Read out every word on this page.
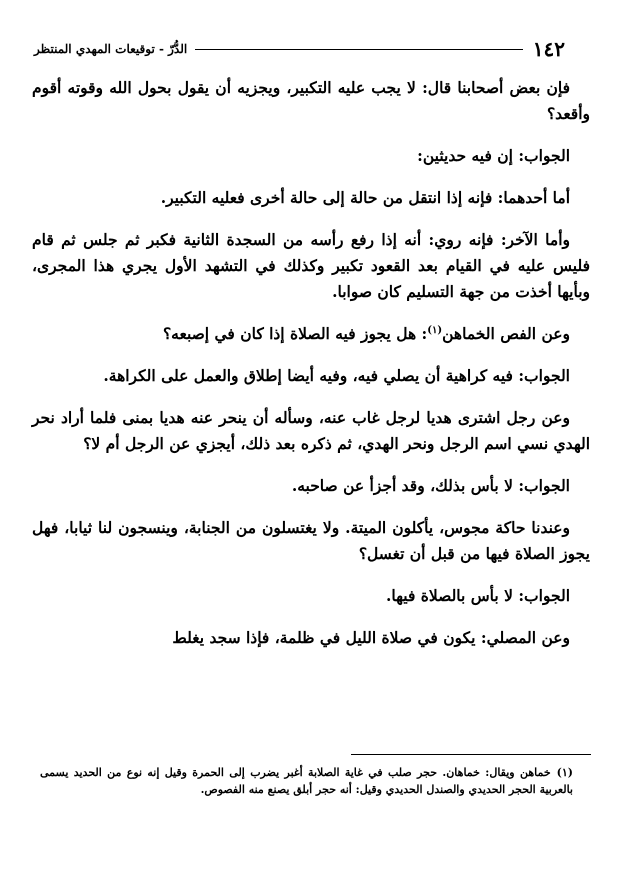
١٤٢
الدُّرّ - توقيعات المهدي المنتظر

فإن بعض أصحابنا قال: لا يجب عليه التكبير، ويجزيه أن يقول بحول الله وقوته أقوم وأقعد؟

الجواب: إن فيه حديثين:

أما أحدهما: فإنه إذا انتقل من حالة إلى حالة أخرى فعليه التكبير.

وأما الآخر: فإنه روي: أنه إذا رفع رأسه من السجدة الثانية فكبر ثم جلس ثم قام فليس عليه في القيام بعد القعود تكبير وكذلك في التشهد الأول يجري هذا المجرى، وبأيها أخذت من جهة التسليم كان صوابا.

وعن الفص الخماهن$^{(١)}$: هل يجوز فيه الصلاة إذا كان في إصبعه؟

الجواب: فيه كراهية أن يصلي فيه، وفيه أيضا إطلاق والعمل على الكراهة.

وعن رجل اشترى هديا لرجل غاب عنه، وسأله أن ينحر عنه هديا بمنى فلما أراد نحر الهدي نسي اسم الرجل ونحر الهدي، ثم ذكره بعد ذلك، أيجزي عن الرجل أم لا؟

الجواب: لا بأس بذلك، وقد أجزأ عن صاحبه.

وعندنا حاكة مجوس، يأكلون الميتة. ولا يغتسلون من الجنابة، وينسجون لنا ثيابا، فهل يجوز الصلاة فيها من قبل أن تغسل؟

الجواب: لا بأس بالصلاة فيها.

وعن المصلي: يكون في صلاة الليل في ظلمة، فإذا سجد يغلط

(١)خماهن ويقال: خماهان. حجر صلب في غاية الصلابة أغبر يضرب إلى الحمرة وقيل إنه نوع من الحديد يسمى بالعربية الحجر الحديدي والصندل الحديدي وقيل: أنه حجر أبلق يصنع منه الفصوص.
